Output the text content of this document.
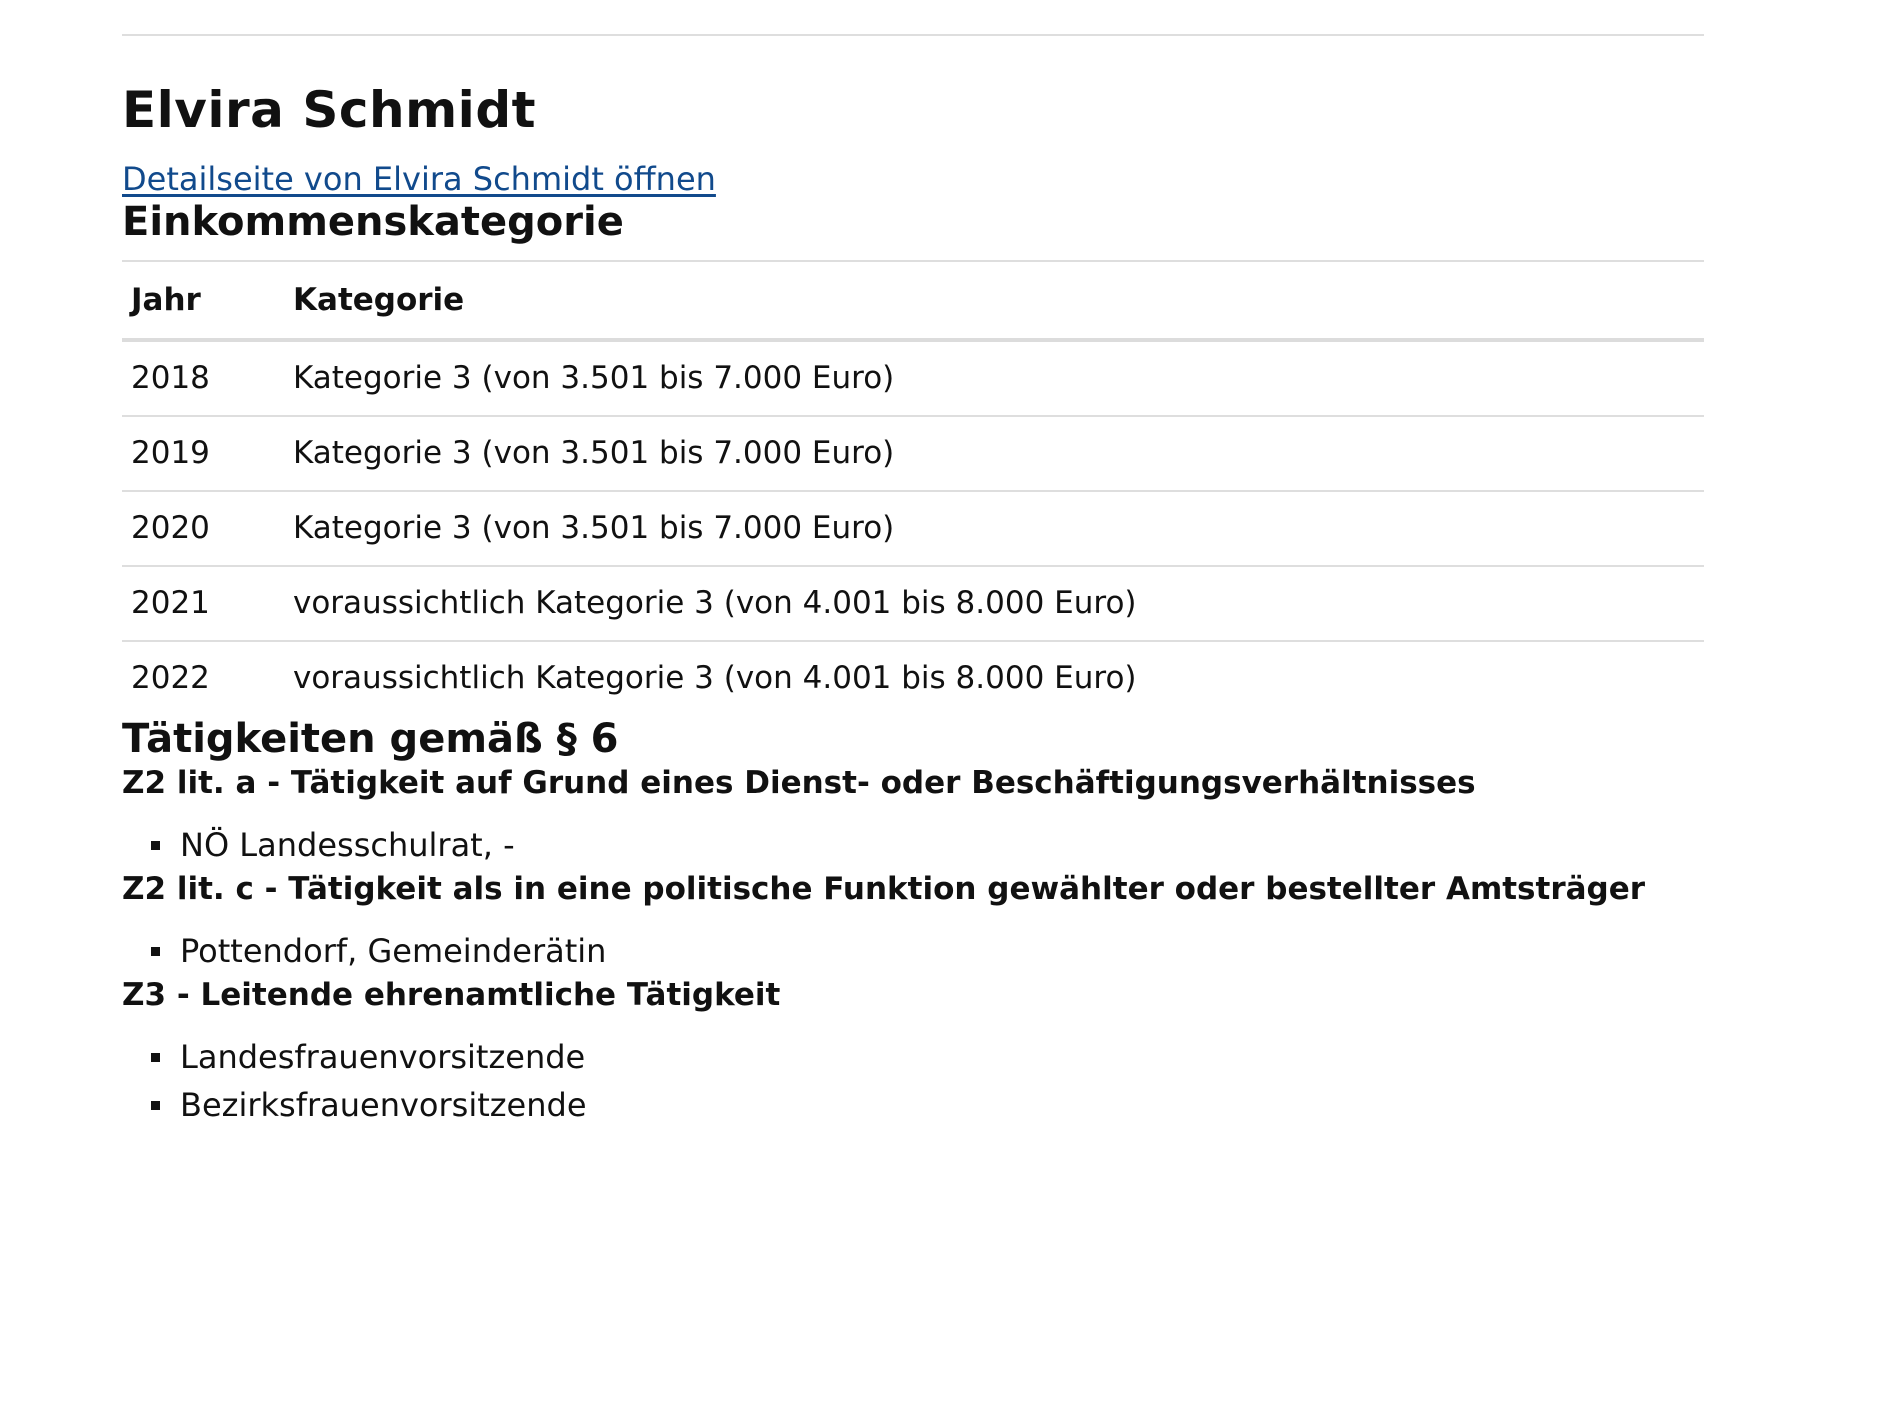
Elvira Schmidt
Detailseite von Elvira Schmidt öffnen
Einkommenskategorie
Jahr	Kategorie
2018	Kategorie 3 (von 3.501 bis 7.000 Euro)
2019	Kategorie 3 (von 3.501 bis 7.000 Euro)
2020	Kategorie 3 (von 3.501 bis 7.000 Euro)
2021	voraussichtlich Kategorie 3 (von 4.001 bis 8.000 Euro)
2022	voraussichtlich Kategorie 3 (von 4.001 bis 8.000 Euro)
Tätigkeiten gemäß § 6
Z2 lit. a - Tätigkeit auf Grund eines Dienst- oder Beschäftigungsverhältnisses
NÖ Landesschulrat, -
Z2 lit. c - Tätigkeit als in eine politische Funktion gewählter oder bestellter Amtsträger
Pottendorf, Gemeinderätin
Z3 - Leitende ehrenamtliche Tätigkeit
Landesfrauenvorsitzende
Bezirksfrauenvorsitzende
